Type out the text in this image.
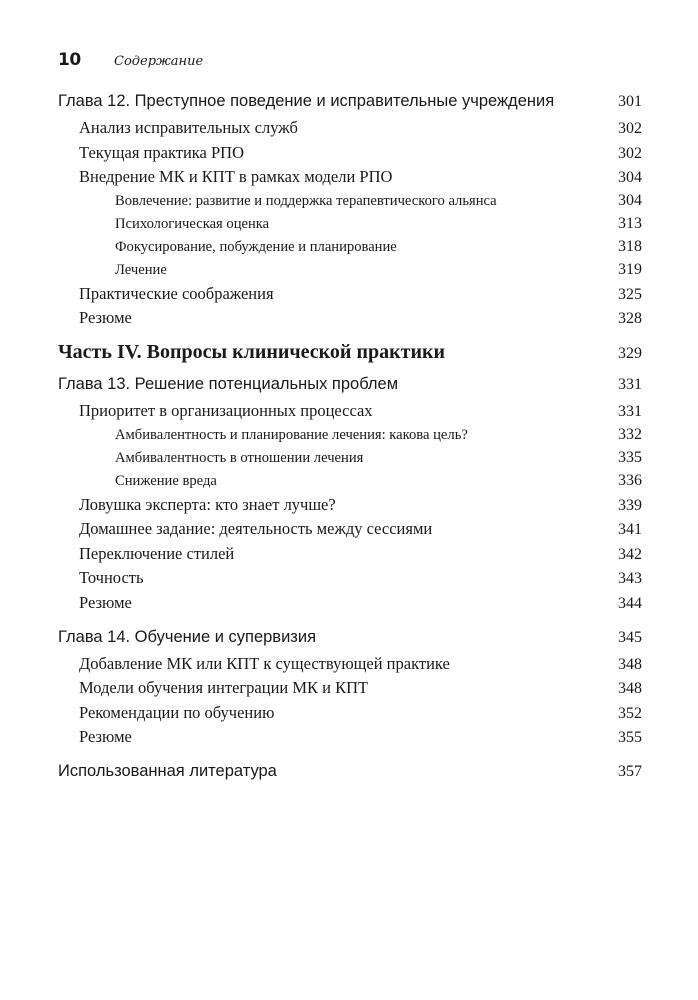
10	Содержание
Глава 12. Преступное поведение и исправительные учреждения	301
Анализ исправительных служб	302
Текущая практика РПО	302
Внедрение МК и КПТ в рамках модели РПО	304
Вовлечение: развитие и поддержка терапевтического альянса	304
Психологическая оценка	313
Фокусирование, побуждение и планирование	318
Лечение	319
Практические соображения	325
Резюме	328
Часть IV. Вопросы клинической практики	329
Глава 13. Решение потенциальных проблем	331
Приоритет в организационных процессах	331
Амбивалентность и планирование лечения: какова цель?	332
Амбивалентность в отношении лечения	335
Снижение вреда	336
Ловушка эксперта: кто знает лучше?	339
Домашнее задание: деятельность между сессиями	341
Переключение стилей	342
Точность	343
Резюме	344
Глава 14. Обучение и супервизия	345
Добавление МК или КПТ к существующей практике	348
Модели обучения интеграции МК и КПТ	348
Рекомендации по обучению	352
Резюме	355
Использованная литература	357
